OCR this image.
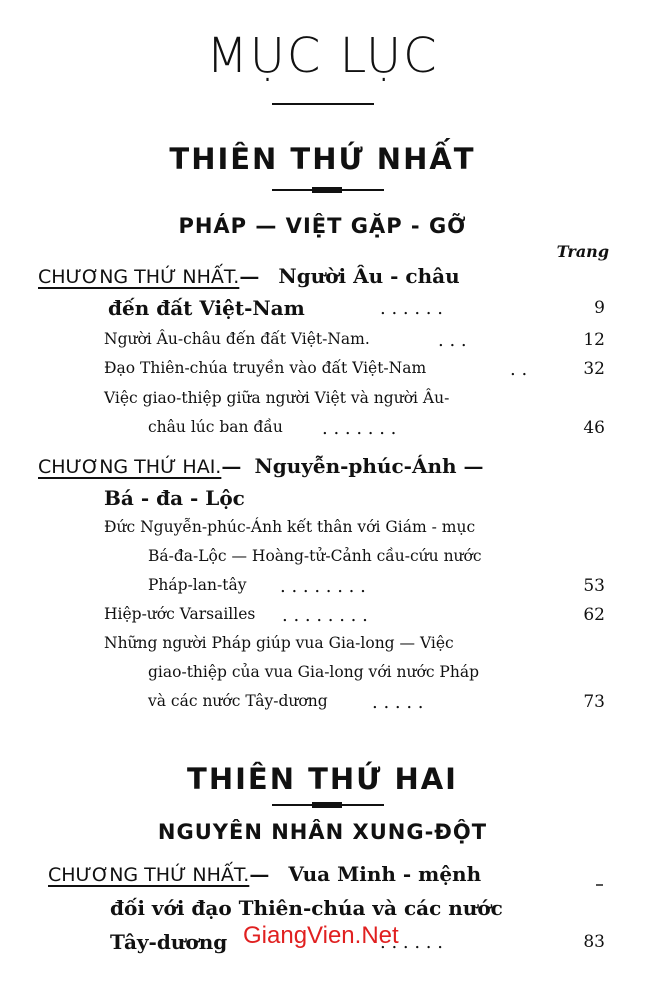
MỤC LỤC
THIÊN THỨ NHẤT
PHÁP — VIỆT GẶP - GỠ
Trang
CHƯƠNG THỨ NHẤT.— Người Âu - châu
đến đất Việt-Nam	. . . . . .	9
Người Âu-châu đến đất Việt-Nam.	. . .	12
Đạo Thiên-chúa truyền vào đất Việt-Nam	. .	32
Việc giao-thiệp giữa người Việt và người Âu-
châu lúc ban đầu . . . . . . .	46
CHƯƠNG THỨ HAI.— Nguyễn-phúc-Ánh —
Bá - đa - Lộc
Đức Nguyễn-phúc-Ánh kết thân với Giám - mục
Bá-đa-Lộc — Hoàng-tử-Cảnh cầu-cứu nước
Pháp-lan-tây . . . . . . . .	53
Hiệp-ước Varsailles . . . . . . . .	62
Những người Pháp giúp vua Gia-long — Việc
giao-thiệp của vua Gia-long với nước Pháp
và các nước Tây-dương . . . . .	73
THIÊN THỨ HAI
NGUYÊN NHÂN XUNG-ĐỘT
CHƯƠNG THỨ NHẤT.— Vua Minh - mệnh
đối với đạo Thiên-chúa và các nước
Tây-dương	. . . . . .	83
GiangVien.Net
